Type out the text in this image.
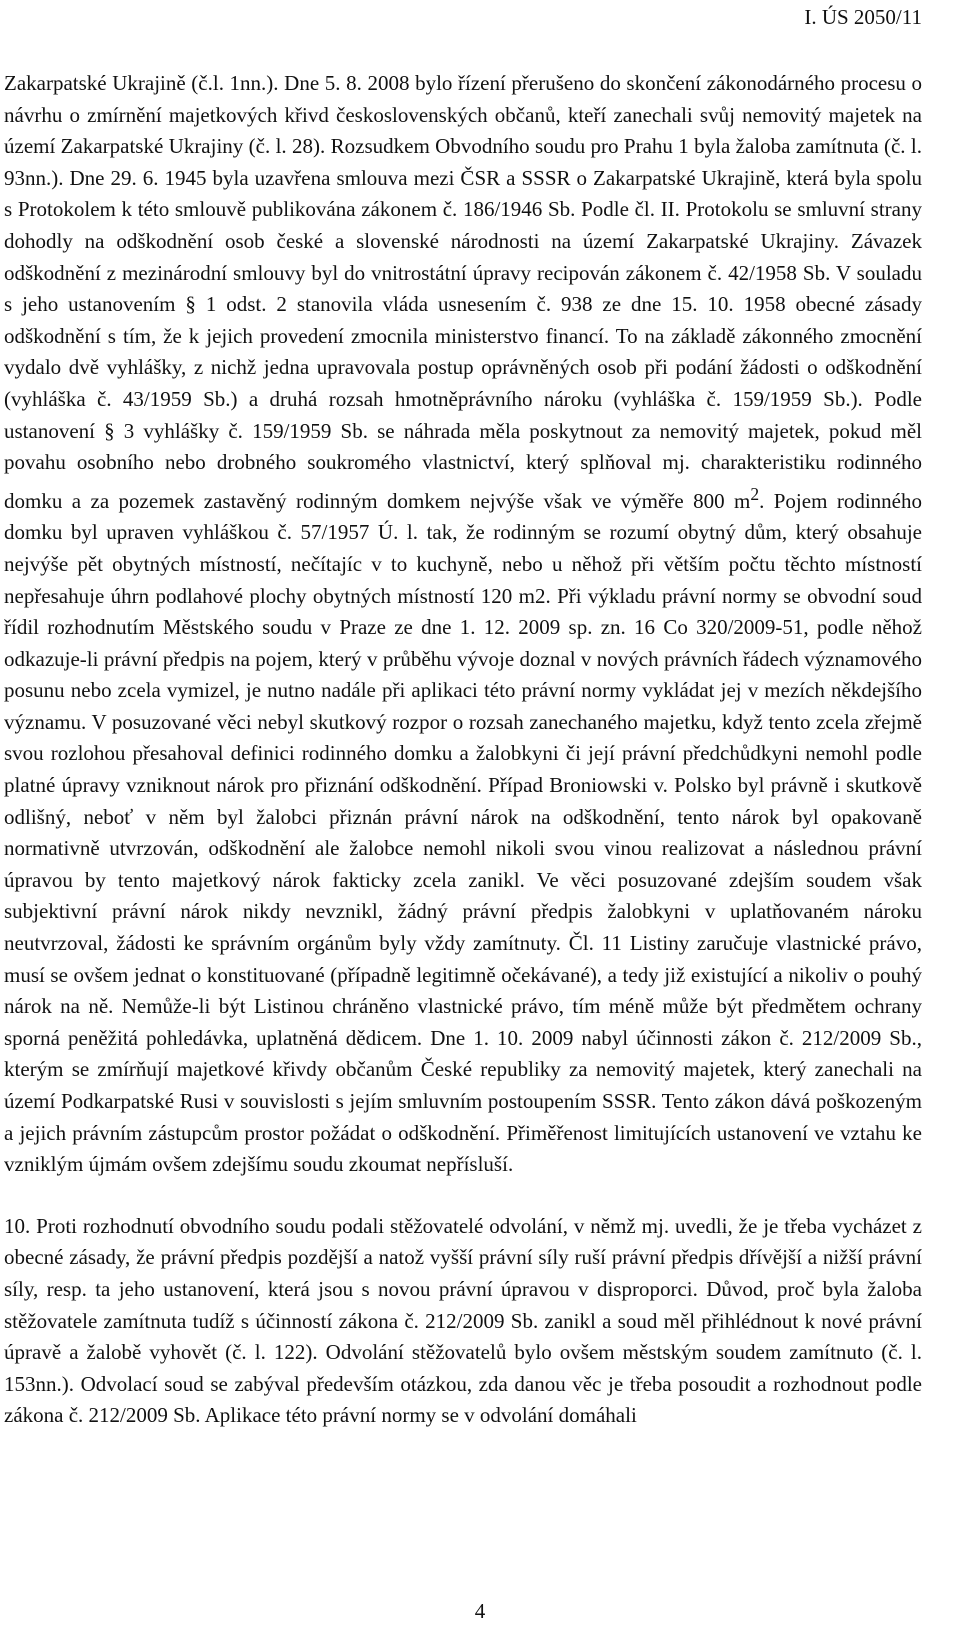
I. ÚS 2050/11

Zakarpatské Ukrajině (č.l. 1nn.). Dne 5. 8. 2008 bylo řízení přerušeno do skončení zákonodárného procesu o návrhu o zmírnění majetkových křivd československých občanů, kteří zanechali svůj nemovitý majetek na území Zakarpatské Ukrajiny (č. l. 28). Rozsudkem Obvodního soudu pro Prahu 1 byla žaloba zamítnuta (č. l. 93nn.). Dne 29. 6. 1945 byla uzavřena smlouva mezi ČSR a SSSR o Zakarpatské Ukrajině, která byla spolu s Protokolem k této smlouvě publikována zákonem č. 186/1946 Sb. Podle čl. II. Protokolu se smluvní strany dohodly na odškodnění osob české a slovenské národnosti na území Zakarpatské Ukrajiny. Závazek odškodnění z mezinárodní smlouvy byl do vnitrostátní úpravy recipován zákonem č. 42/1958 Sb. V souladu s jeho ustanovením § 1 odst. 2 stanovila vláda usnesením č. 938 ze dne 15. 10. 1958 obecné zásady odškodnění s tím, že k jejich provedení zmocnila ministerstvo financí. To na základě zákonného zmocnění vydalo dvě vyhlášky, z nichž jedna upravovala postup oprávněných osob při podání žádosti o odškodnění (vyhláška č. 43/1959 Sb.) a druhá rozsah hmotněprávního nároku (vyhláška č. 159/1959 Sb.). Podle ustanovení § 3 vyhlášky č. 159/1959 Sb. se náhrada měla poskytnout za nemovitý majetek, pokud měl povahu osobního nebo drobného soukromého vlastnictví, který splňoval mj. charakteristiku rodinného domku a za pozemek zastavěný rodinným domkem nejvýše však ve výměře 800 $m^2$. Pojem rodinného domku byl upraven vyhláškou č. 57/1957 Ú. l. tak, že rodinným se rozumí obytný dům, který obsahuje nejvýše pět obytných místností, nečítajíc v to kuchyně, nebo u něhož při větším počtu těchto místností nepřesahuje úhrn podlahové plochy obytných místností 120 m2. Při výkladu právní normy se obvodní soud řídil rozhodnutím Městského soudu v Praze ze dne 1. 12. 2009 sp. zn. 16 Co 320/2009-51, podle něhož odkazuje-li právní předpis na pojem, který v průběhu vývoje doznal v nových právních řádech významového posunu nebo zcela vymizel, je nutno nadále při aplikaci této právní normy vykládat jej v mezích někdejšího významu. V posuzované věci nebyl skutkový rozpor o rozsah zanechaného majetku, když tento zcela zřejmě svou rozlohou přesahoval definici rodinného domku a žalobkyni či její právní předchůdkyni nemohl podle platné úpravy vzniknout nárok pro přiznání odškodnění. Případ Broniowski v. Polsko byl právně i skutkově odlišný, neboť v něm byl žalobci přiznán právní nárok na odškodnění, tento nárok byl opakovaně normativně utvrzován, odškodnění ale žalobce nemohl nikoli svou vinou realizovat a následnou právní úpravou by tento majetkový nárok fakticky zcela zanikl. Ve věci posuzované zdejším soudem však subjektivní právní nárok nikdy nevznikl, žádný právní předpis žalobkyni v uplatňovaném nároku neutvrzoval, žádosti ke správním orgánům byly vždy zamítnuty. Čl. 11 Listiny zaručuje vlastnické právo, musí se ovšem jednat o konstituované (případně legitimně očekávané), a tedy již existující a nikoliv o pouhý nárok na ně. Nemůže-li být Listinou chráněno vlastnické právo, tím méně může být předmětem ochrany sporná peněžitá pohledávka, uplatněná dědicem. Dne 1. 10. 2009 nabyl účinnosti zákon č. 212/2009 Sb., kterým se zmírňují majetkové křivdy občanům České republiky za nemovitý majetek, který zanechali na území Podkarpatské Rusi v souvislosti s jejím smluvním postoupením SSSR. Tento zákon dává poškozeným a jejich právním zástupcům prostor požádat o odškodnění. Přiměřenost limitujících ustanovení ve vztahu ke vzniklým újmám ovšem zdejšímu soudu zkoumat nepřísluší.

10. Proti rozhodnutí obvodního soudu podali stěžovatelé odvolání, v němž mj. uvedli, že je třeba vycházet z obecné zásady, že právní předpis pozdější a natož vyšší právní síly ruší právní předpis dřívější a nižší právní síly, resp. ta jeho ustanovení, která jsou s novou právní úpravou v disproporci. Důvod, proč byla žaloba stěžovatele zamítnuta tudíž s účinností zákona č. 212/2009 Sb. zanikl a soud měl přihlédnout k nové právní úpravě a žalobě vyhovět (č. l. 122). Odvolání stěžovatelů bylo ovšem městským soudem zamítnuto (č. l. 153nn.). Odvolací soud se zabýval především otázkou, zda danou věc je třeba posoudit a rozhodnout podle zákona č. 212/2009 Sb. Aplikace této právní normy se v odvolání domáhali

4
